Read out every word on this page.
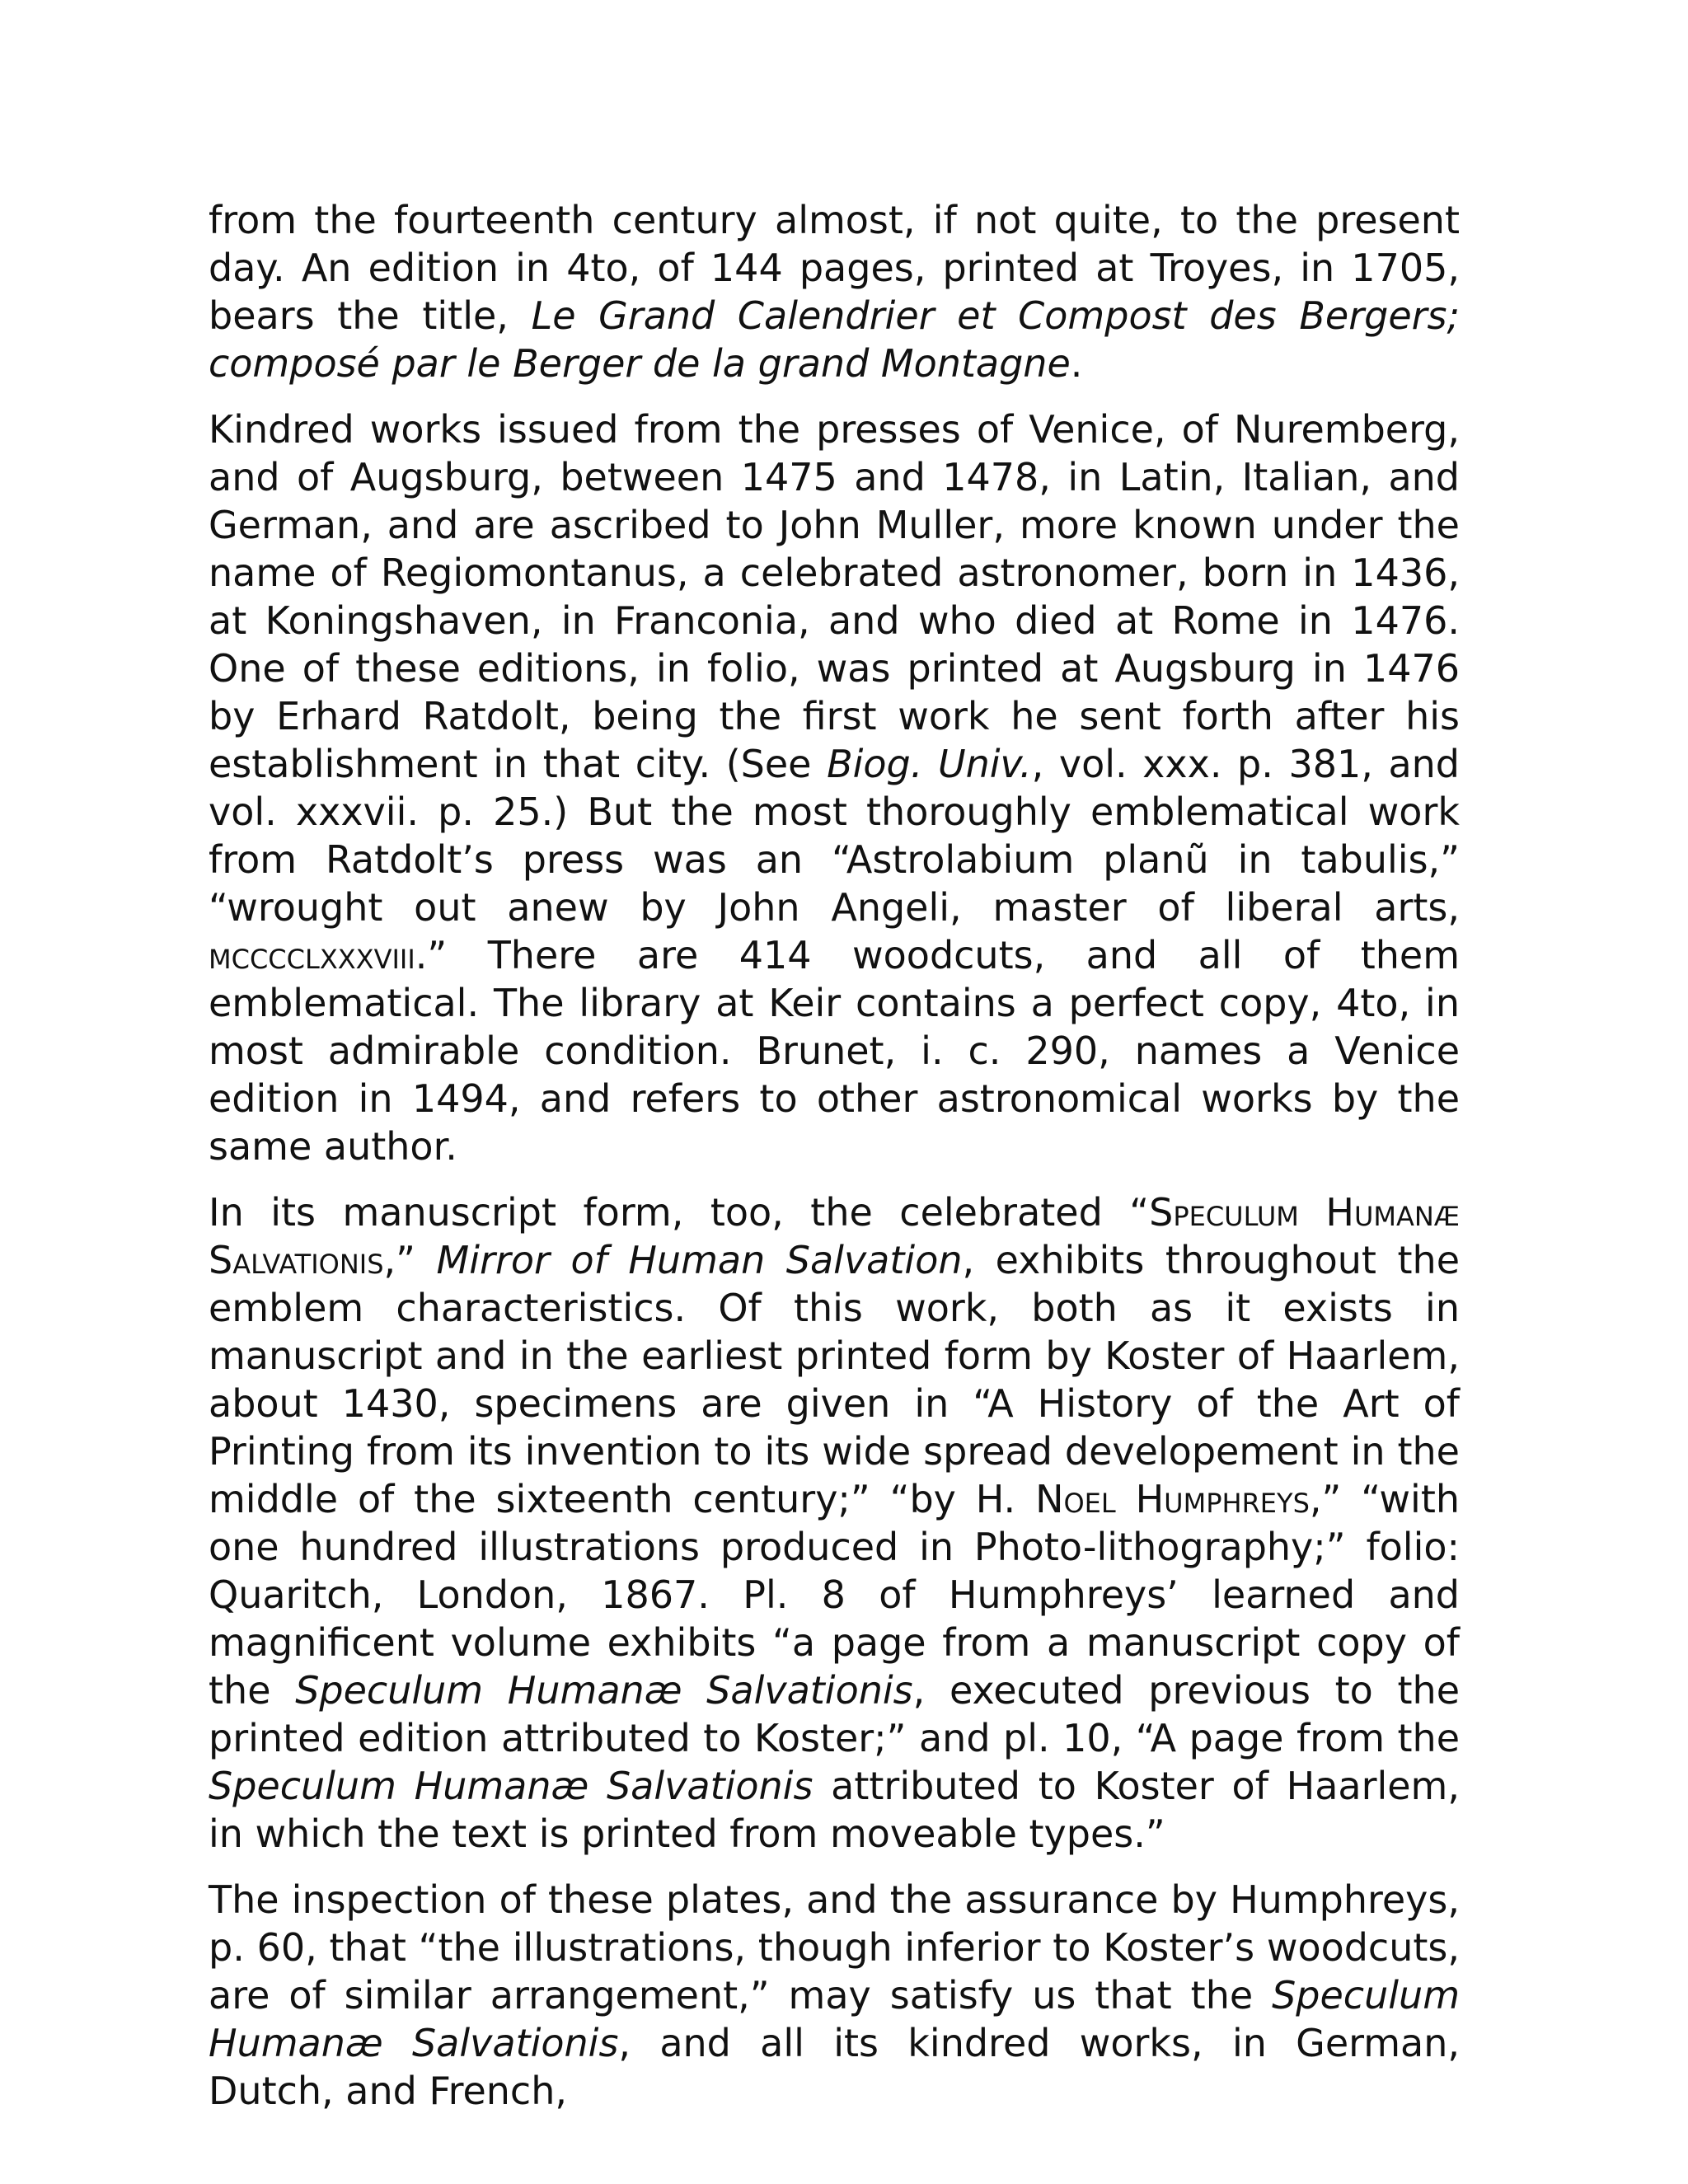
from the fourteenth century almost, if not quite, to the present day. An edition in 4to, of 144 pages, printed at Troyes, in 1705, bears the title, Le Grand Calendrier et Compost des Bergers; composé par le Berger de la grand Montagne.

Kindred works issued from the presses of Venice, of Nuremberg, and of Augsburg, between 1475 and 1478, in Latin, Italian, and German, and are ascribed to John Muller, more known under the name of Regiomontanus, a celebrated astronomer, born in 1436, at Koningshaven, in Franconia, and who died at Rome in 1476. One of these editions, in folio, was printed at Augsburg in 1476 by Erhard Ratdolt, being the first work he sent forth after his establishment in that city. (See Biog. Univ., vol. xxx. p. 381, and vol. xxxvii. p. 25.) But the most thoroughly emblematical work from Ratdolt’s press was an “Astrolabium planũ in tabulis,” “wrought out anew by John Angeli, master of liberal arts, mcccclxxxviii.” There are 414 woodcuts, and all of them emblematical. The library at Keir contains a perfect copy, 4to, in most admirable condition. Brunet, i. c. 290, names a Venice edition in 1494, and refers to other astronomical works by the same author.

In its manuscript form, too, the celebrated “Speculum Humanæ Salvationis,” Mirror of Human Salvation, exhibits throughout the emblem characteristics. Of this work, both as it exists in manuscript and in the earliest printed form by Koster of Haarlem, about 1430, specimens are given in “A History of the Art of Printing from its invention to its wide spread developement in the middle of the sixteenth century;” “by H. Noel Humphreys,” “with one hundred illustrations produced in Photo-lithography;” folio: Quaritch, London, 1867. Pl. 8 of Humphreys’ learned and magnificent volume exhibits “a page from a manuscript copy of the Speculum Humanæ Salvationis, executed previous to the printed edition attributed to Koster;” and pl. 10, “A page from the Speculum Humanæ Salvationis attributed to Koster of Haarlem, in which the text is printed from moveable types.”

The inspection of these plates, and the assurance by Humphreys, p. 60, that “the illustrations, though inferior to Koster’s woodcuts, are of similar arrangement,” may satisfy us that the Speculum Humanæ Salvationis, and all its kindred works, in German, Dutch, and French,
